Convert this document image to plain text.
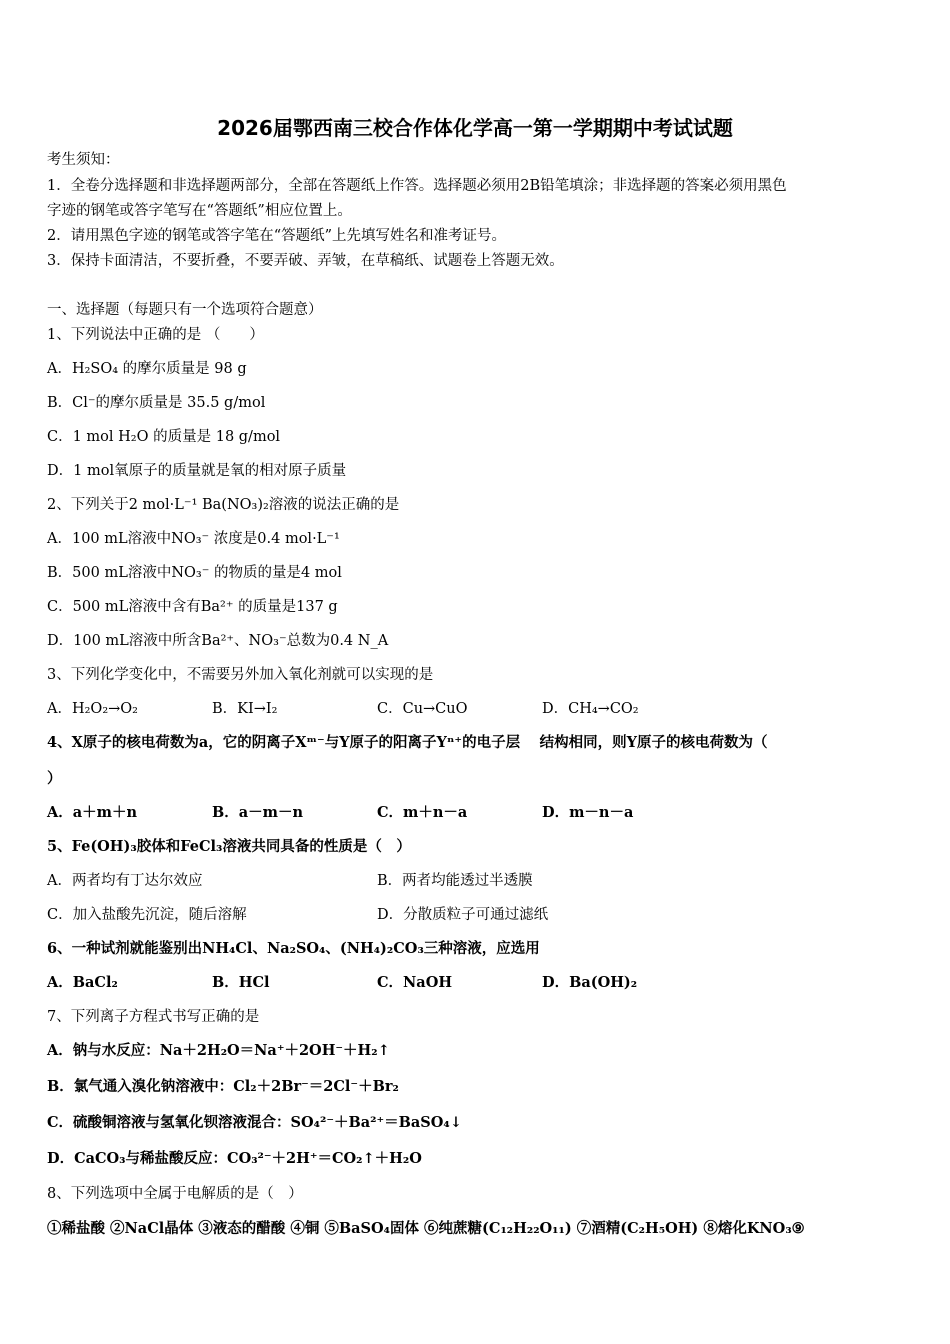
2026届鄂西南三校合作体化学高一第一学期期中考试试题
考生须知：
1．全卷分选择题和非选择题两部分，全部在答题纸上作答。选择题必须用2B铅笔填涂；非选择题的答案必须用黑色
字迹的钢笔或答字笔写在“答题纸”相应位置上。
2．请用黑色字迹的钢笔或答字笔在“答题纸”上先填写姓名和准考证号。
3．保持卡面清洁，不要折叠，不要弄破、弄皱，在草稿纸、试题卷上答题无效。
一、选择题（每题只有一个选项符合题意）
1、下列说法中正确的是 （　　）
A．H₂SO₄ 的摩尔质量是 98 g
B．Cl⁻的摩尔质量是 35.5 g/mol
C．1 mol H₂O 的质量是 18 g/mol
D．1 mol氧原子的质量就是氧的相对原子质量
2、下列关于2 mol·L⁻¹ Ba(NO₃)₂溶液的说法正确的是
A．100 mL溶液中NO₃⁻ 浓度是0.4 mol·L⁻¹
B．500 mL溶液中NO₃⁻ 的物质的量是4 mol
C．500 mL溶液中含有Ba²⁺ 的质量是137 g
D．100 mL溶液中所含Ba²⁺、NO₃⁻总数为0.4 N_A
3、下列化学变化中，不需要另外加入氧化剂就可以实现的是
A．H₂O₂→O₂	B．KI→I₂	C．Cu→CuO	D．CH₄→CO₂
4、X原子的核电荷数为a，它的阴离子Xᵐ⁻与Y原子的阳离子Yⁿ⁺的电子层　 结构相同，则Y原子的核电荷数为（
）
A．a＋m＋n	B．a－m－n	C．m＋n－a	D．m－n－a
5、Fe(OH)₃胶体和FeCl₃溶液共同具备的性质是（　）
A．两者均有丁达尔效应	B．两者均能透过半透膜
C．加入盐酸先沉淀，随后溶解	D．分散质粒子可通过滤纸
6、一种试剂就能鉴别出NH₄Cl、Na₂SO₄、(NH₄)₂CO₃三种溶液，应选用
A．BaCl₂	B．HCl	C．NaOH	D．Ba(OH)₂
7、下列离子方程式书写正确的是
A．钠与水反应：Na＋2H₂O＝Na⁺＋2OH⁻＋H₂↑
B．氯气通入溴化钠溶液中：Cl₂＋2Br⁻＝2Cl⁻＋Br₂
C．硫酸铜溶液与氢氧化钡溶液混合：SO₄²⁻＋Ba²⁺＝BaSO₄↓
D．CaCO₃与稀盐酸反应：CO₃²⁻＋2H⁺＝CO₂↑＋H₂O
8、下列选项中全属于电解质的是（　）
①稀盐酸 ②NaCl晶体 ③液态的醋酸 ④铜 ⑤BaSO₄固体 ⑥纯蔗糖(C₁₂H₂₂O₁₁) ⑦酒精(C₂H₅OH) ⑧熔化KNO₃⑨
